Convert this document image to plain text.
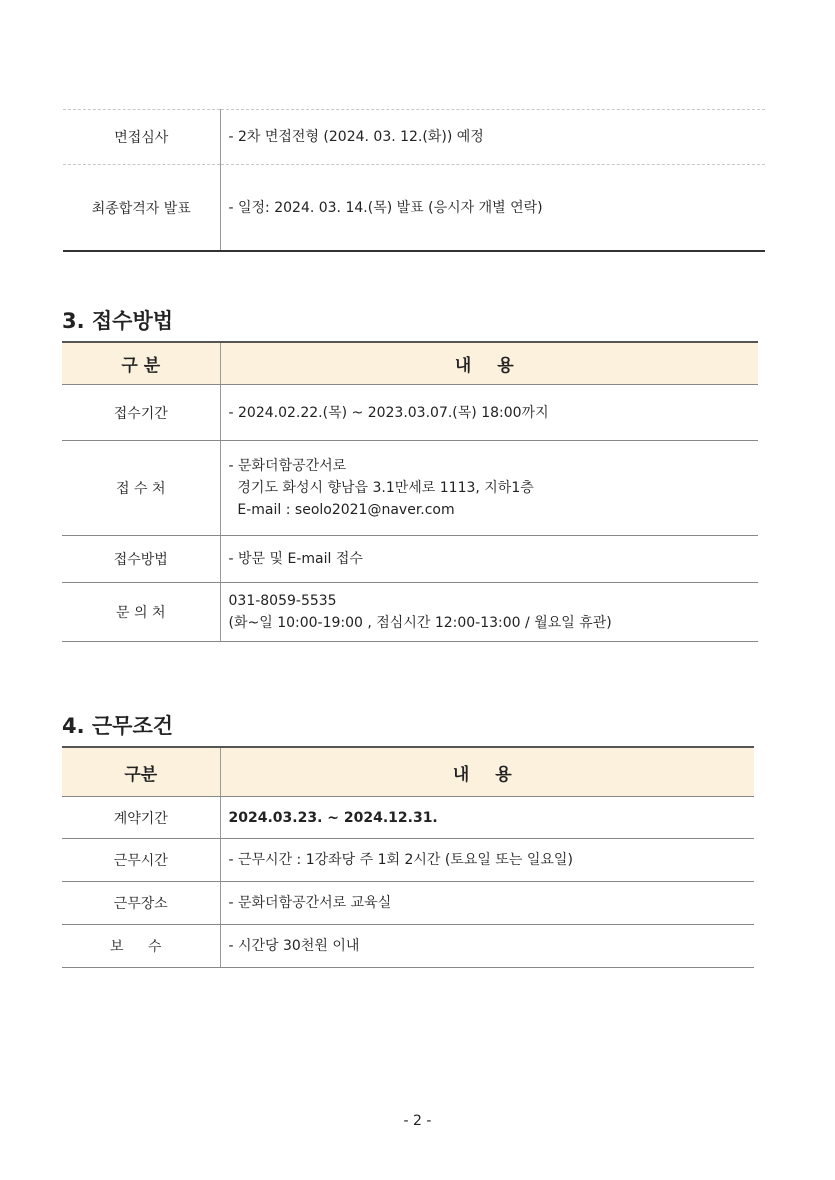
면접심사	- 2차 면접전형 (2024. 03. 12.(화)) 예정
최종합격자 발표	- 일정: 2024. 03. 14.(목) 발표 (응시자 개별 연락)
3. 접수방법
구 분	내 용
접수기간	- 2024.02.22.(목) ~ 2023.03.07.(목) 18:00까지

접 수 처	- 문화더함공간서로
경기도 화성시 향남읍 3.1만세로 1113, 지하1층
E-mail : seolo2021@naver.com

접수방법	- 방문 및 E-mail 접수

문 의 처	031-8059-5535
(화~일 10:00-19:00 , 점심시간 12:00-13:00 / 월요일 휴관)
4. 근무조건
구분	내 용
계약기간	2024.03.23. ~ 2024.12.31.
근무시간	- 근무시간 : 1강좌당 주 1회 2시간 (토요일 또는 일요일)
근무장소	- 문화더함공간서로 교육실
보 수	- 시간당 30천원 이내
- 2 -
